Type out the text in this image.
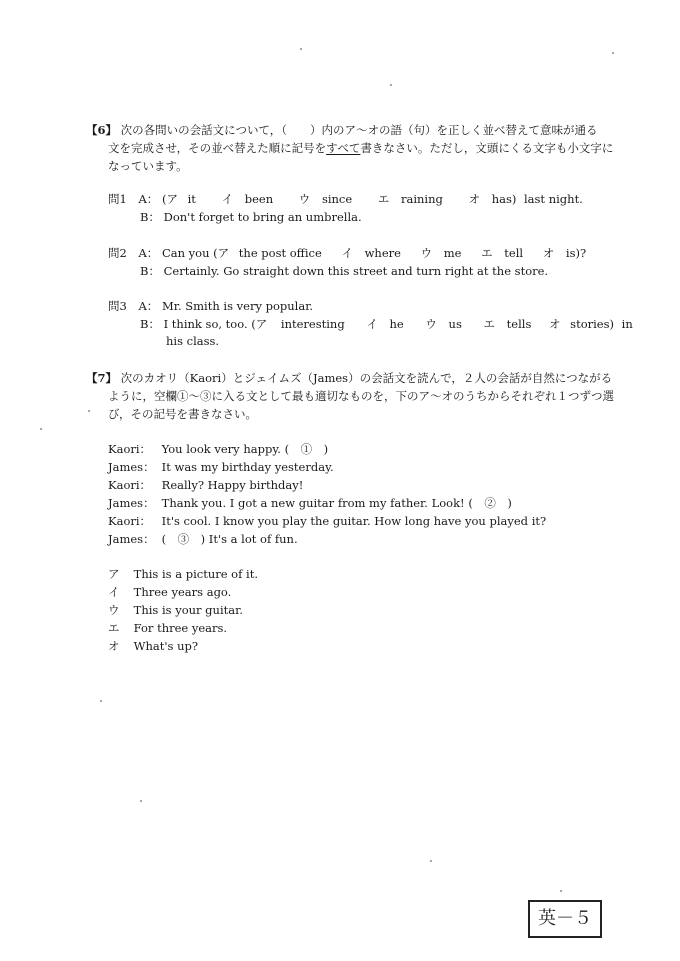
【6】 次の各問いの会話文について，（　　）内のア～オの語（句）を正しく並べ替えて意味が通る
文を完成させ，その並べ替えた順に記号をすべて書きなさい。ただし，文頭にくる文字も小文字に
なっています。
問1 A： (ア it イ been ウ since エ raining オ has) last night.
B： Don't forget to bring an umbrella.
問2 A： Can you (ア the post office イ where ウ me エ tell オ is)?
B： Certainly. Go straight down this street and turn right at the store.
問3 A： Mr. Smith is very popular.
B： I think so, too. (ア interesting イ he ウ us エ tells オ stories) in
his class.
【7】 次のカオリ（Kaori）とジェイムズ（James）の会話文を読んで，２人の会話が自然につながる
ように，空欄①～③に入る文として最も適切なものを，下のア～オのうちからそれぞれ１つずつ選
び，その記号を書きなさい。
Kaori： You look very happy. (　①　)
James： It was my birthday yesterday.
Kaori： Really? Happy birthday!
James： Thank you. I got a new guitar from my father. Look! (　②　)
Kaori： It's cool. I know you play the guitar. How long have you played it?
James： (　③　) It's a lot of fun.
ア This is a picture of it.
イ Three years ago.
ウ This is your guitar.
エ For three years.
オ What's up?
英－５
